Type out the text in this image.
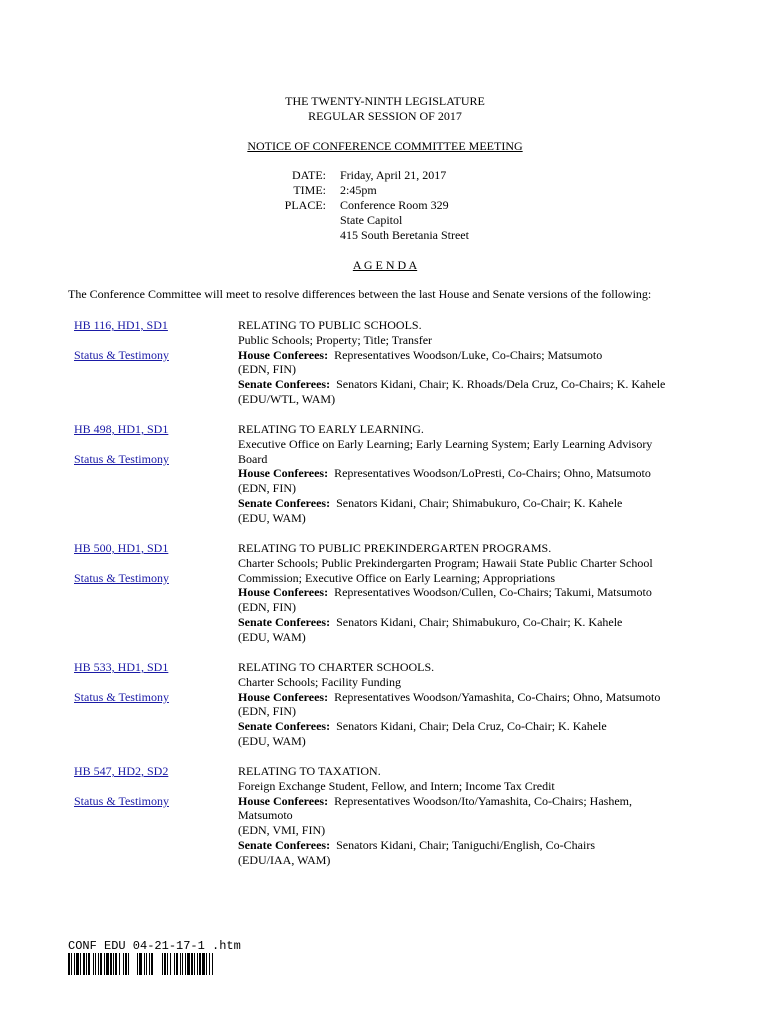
THE TWENTY-NINTH LEGISLATURE
REGULAR SESSION OF 2017
NOTICE OF CONFERENCE COMMITTEE MEETING
DATE: Friday, April 21, 2017
TIME: 2:45pm
PLACE: Conference Room 329
State Capitol
415 South Beretania Street
A G E N D A
The Conference Committee will meet to resolve differences between the last House and Senate versions of the following:
HB 116, HD1, SD1
Status & Testimony
RELATING TO PUBLIC SCHOOLS.
Public Schools; Property; Title; Transfer
House Conferees: Representatives Woodson/Luke, Co-Chairs; Matsumoto
(EDN, FIN)
Senate Conferees: Senators Kidani, Chair; K. Rhoads/Dela Cruz, Co-Chairs; K. Kahele
(EDU/WTL, WAM)
HB 498, HD1, SD1
Status & Testimony
RELATING TO EARLY LEARNING.
Executive Office on Early Learning; Early Learning System; Early Learning Advisory
Board
House Conferees: Representatives Woodson/LoPresti, Co-Chairs; Ohno, Matsumoto
(EDN, FIN)
Senate Conferees: Senators Kidani, Chair; Shimabukuro, Co-Chair; K. Kahele
(EDU, WAM)
HB 500, HD1, SD1
Status & Testimony
RELATING TO PUBLIC PREKINDERGARTEN PROGRAMS.
Charter Schools; Public Prekindergarten Program; Hawaii State Public Charter School
Commission; Executive Office on Early Learning; Appropriations
House Conferees: Representatives Woodson/Cullen, Co-Chairs; Takumi, Matsumoto
(EDN, FIN)
Senate Conferees: Senators Kidani, Chair; Shimabukuro, Co-Chair; K. Kahele
(EDU, WAM)
HB 533, HD1, SD1
Status & Testimony
RELATING TO CHARTER SCHOOLS.
Charter Schools; Facility Funding
House Conferees: Representatives Woodson/Yamashita, Co-Chairs; Ohno, Matsumoto
(EDN, FIN)
Senate Conferees: Senators Kidani, Chair; Dela Cruz, Co-Chair; K. Kahele
(EDU, WAM)
HB 547, HD2, SD2
Status & Testimony
RELATING TO TAXATION.
Foreign Exchange Student, Fellow, and Intern; Income Tax Credit
House Conferees: Representatives Woodson/Ito/Yamashita, Co-Chairs; Hashem,
Matsumoto
(EDN, VMI, FIN)
Senate Conferees: Senators Kidani, Chair; Taniguchi/English, Co-Chairs
(EDU/IAA, WAM)
CONF EDU 04-21-17-1 .htm
